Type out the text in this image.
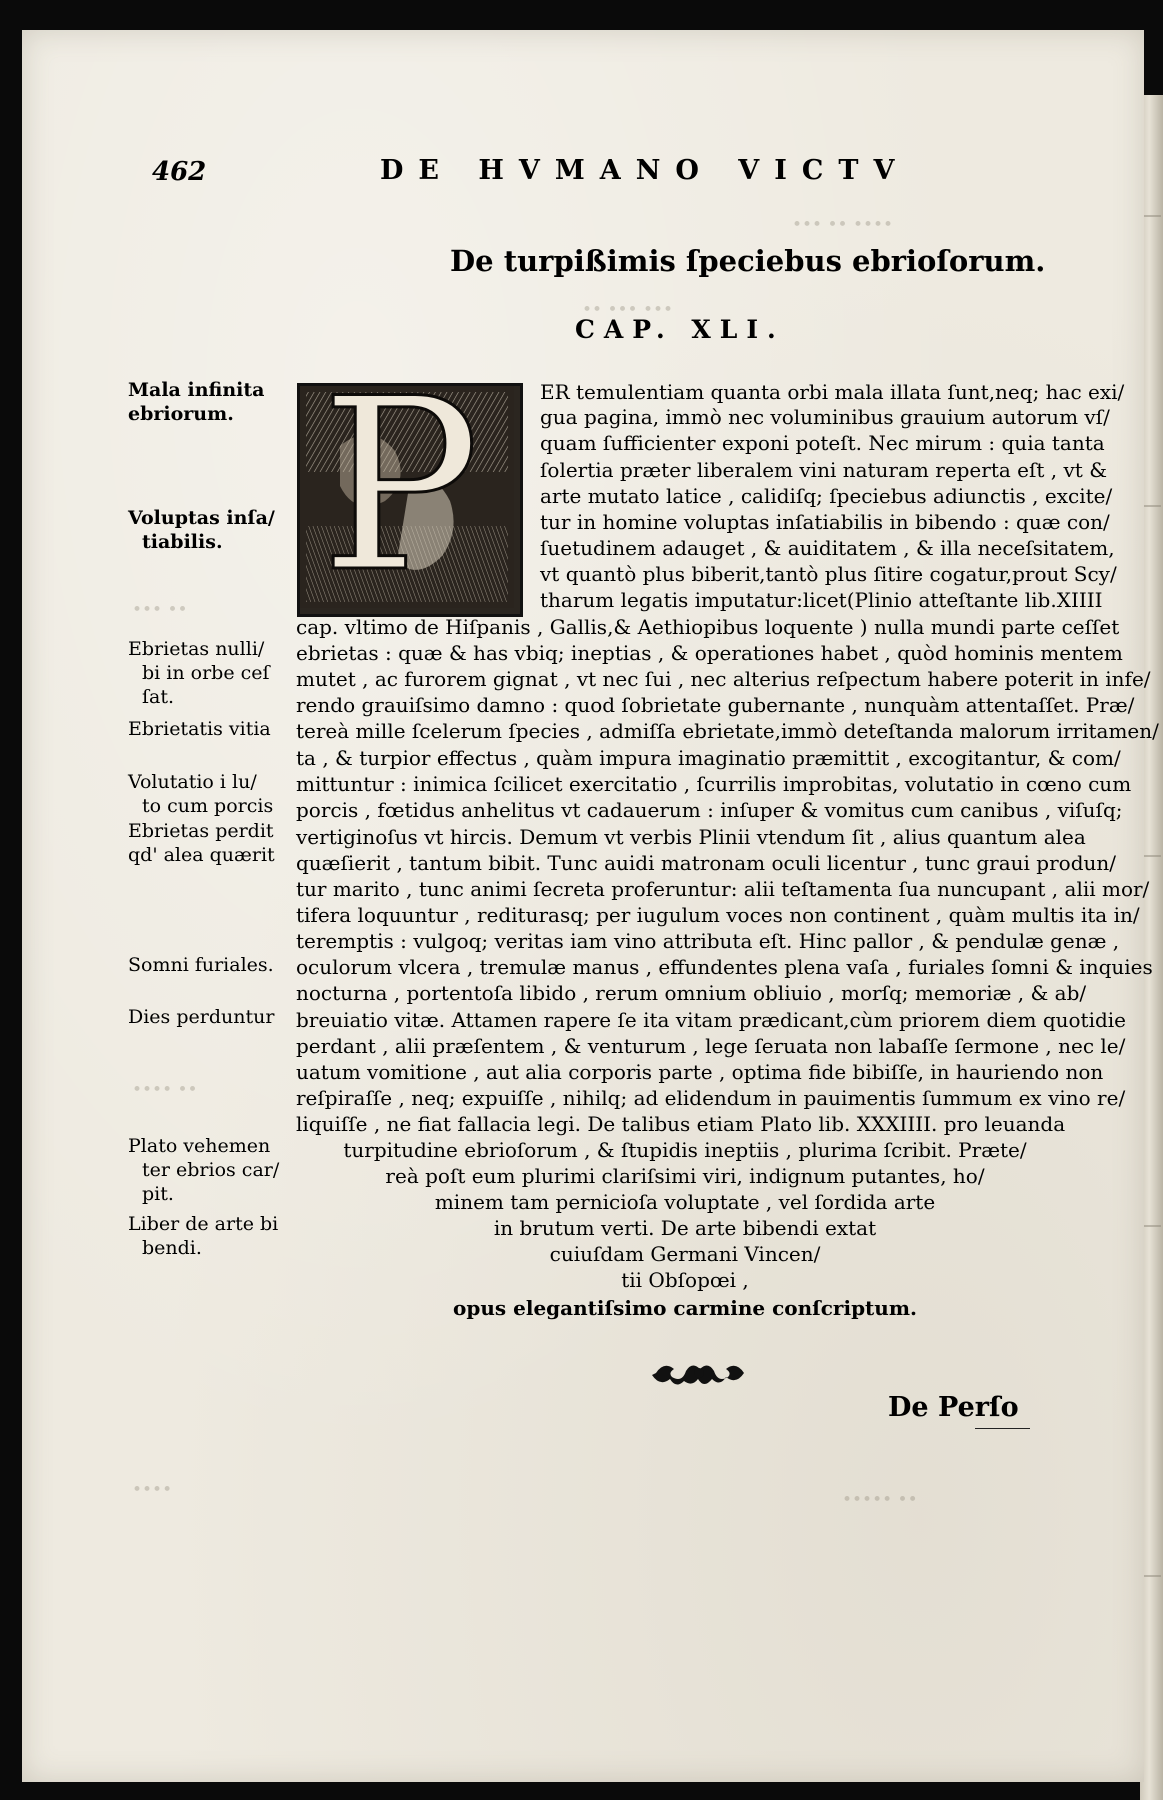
••• •• ••••
•• ••• •••
••• ••
•••• ••
••••	••••• ••
462	DE HVMANO VICTV
De turpißimis ſpeciebus ebrioſorum.
CAP. XLI.
Mala infinita
ebriorum.
Voluptas inſa/
tiabilis.
Ebrietas nulli/
bi in orbe ceſ
ſat.
Ebrietatis vitia
Volutatio i lu/
to cum porcis
Ebrietas perdit
qd' alea quærit
Somni furiales.
Dies perduntur
Plato vehemen
ter ebrios car/
pit.
Liber de arte bi
bendi.
P	ER temulentiam quanta orbi mala illata ſunt,neq; hac exi/
gua pagina, immò nec voluminibus grauium autorum vſ/
quam ſufficienter exponi poteſt. Nec mirum : quia tanta
ſolertia præter liberalem vini naturam reperta eſt , vt &
arte mutato latice , calidiſq; ſpeciebus adiunctis , excite/
tur in homine voluptas inſatiabilis in bibendo : quæ con/
ſuetudinem adauget , & auiditatem , & illa neceſsitatem,
vt quantò plus biberit,tantò plus ſitire cogatur,prout Scy/
tharum legatis imputatur:licet(Plinio atteſtante lib.XIIII
cap. vltimo de Hiſpanis , Gallis,& Aethiopibus loquente ) nulla mundi parte ceſſet
ebrietas : quæ & has vbiq; ineptias , & operationes habet , quòd hominis mentem
mutet , ac furorem gignat , vt nec ſui , nec alterius reſpectum habere poterit in infe/
rendo grauiſsimo damno : quod ſobrietate gubernante , nunquàm attentaſſet. Præ/
tereà mille ſcelerum ſpecies , admiſſa ebrietate,immò deteſtanda malorum irritamen/
ta , & turpior effectus , quàm impura imaginatio præmittit , excogitantur, & com/
mittuntur : inimica ſcilicet exercitatio , ſcurrilis improbitas, volutatio in cœno cum
porcis , fœtidus anhelitus vt cadauerum : inſuper & vomitus cum canibus , viſuſq;
vertiginoſus vt hircis. Demum vt verbis Plinii vtendum ſit , alius quantum alea
quæſierit , tantum bibit. Tunc auidi matronam oculi licentur , tunc graui produn/
tur marito , tunc animi ſecreta proferuntur: alii teſtamenta ſua nuncupant , alii mor/
tifera loquuntur , rediturasq; per iugulum voces non continent , quàm multis ita in/
teremptis : vulgoq; veritas iam vino attributa eſt. Hinc pallor , & pendulæ genæ ,
oculorum vlcera , tremulæ manus , effundentes plena vaſa , furiales ſomni & inquies
nocturna , portentoſa libido , rerum omnium obliuio , morſq; memoriæ , & ab/
breuiatio vitæ. Attamen rapere ſe ita vitam prædicant,cùm priorem diem quotidie
perdant , alii præſentem , & venturum , lege ſeruata non labaſſe ſermone , nec le/
uatum vomitione , aut alia corporis parte , optima fide bibiſſe, in hauriendo non
reſpiraſſe , neq; expuiſſe , nihilq; ad elidendum in pauimentis ſummum ex vino re/
liquiſſe , ne fiat fallacia legi. De talibus etiam Plato lib. XXXIIII. pro leuanda
turpitudine ebrioſorum , & ſtupidis ineptiis , plurima ſcribit. Præte/
reà poſt eum plurimi clariſsimi viri, indignum putantes, ho/
minem tam pernicioſa voluptate , vel ſordida arte
in brutum verti. De arte bibendi extat
cuiuſdam Germani Vincen/
tii Obſopœi ,
opus elegantiſsimo carmine conſcriptum.
De Perſo
